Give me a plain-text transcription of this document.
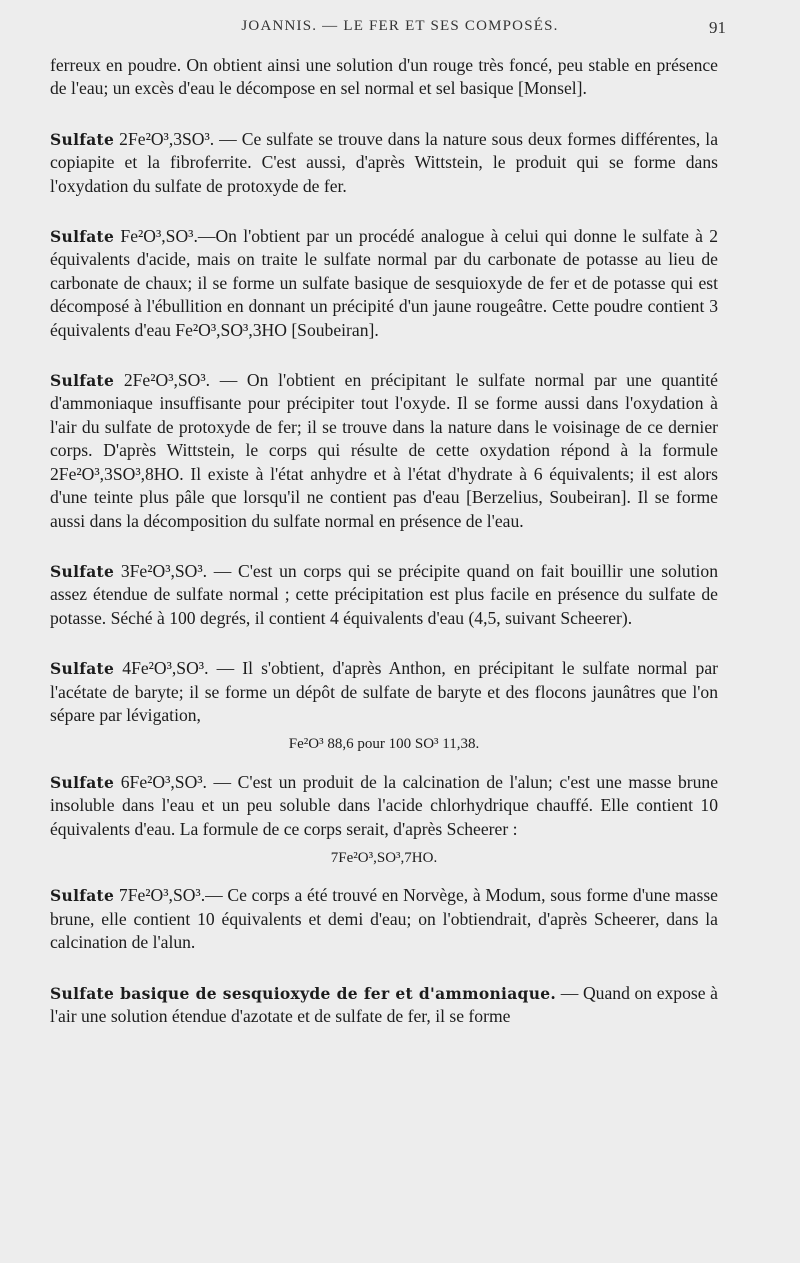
JOANNIS. — LE FER ET SES COMPOSÉS.	91

ferreux en poudre. On obtient ainsi une solution d'un rouge très foncé, peu stable en présence de l'eau; un excès d'eau le décompose en sel normal et sel basique [Monsel].

Sulfate 2Fe²O³,3SO³. — Ce sulfate se trouve dans la nature sous deux formes différentes, la copiapite et la fibroferrite. C'est aussi, d'après Wittstein, le produit qui se forme dans l'oxydation du sulfate de protoxyde de fer.

Sulfate Fe²O³,SO³.—On l'obtient par un procédé analogue à celui qui donne le sulfate à 2 équivalents d'acide, mais on traite le sulfate normal par du carbonate de potasse au lieu de carbonate de chaux; il se forme un sulfate basique de sesquioxyde de fer et de potasse qui est décomposé à l'ébullition en donnant un précipité d'un jaune rougeâtre. Cette poudre contient 3 équivalents d'eau Fe²O³,SO³,3HO [Soubeiran].

Sulfate 2Fe²O³,SO³. — On l'obtient en précipitant le sulfate normal par une quantité d'ammoniaque insuffisante pour précipiter tout l'oxyde. Il se forme aussi dans l'oxydation à l'air du sulfate de protoxyde de fer; il se trouve dans la nature dans le voisinage de ce dernier corps. D'après Wittstein, le corps qui résulte de cette oxydation répond à la formule 2Fe²O³,3SO³,8HO. Il existe à l'état anhydre et à l'état d'hydrate à 6 équivalents; il est alors d'une teinte plus pâle que lorsqu'il ne contient pas d'eau [Berzelius, Soubeiran]. Il se forme aussi dans la décomposition du sulfate normal en présence de l'eau.

Sulfate 3Fe²O³,SO³. — C'est un corps qui se précipite quand on fait bouillir une solution assez étendue de sulfate normal ; cette précipitation est plus facile en présence du sulfate de potasse. Séché à 100 degrés, il contient 4 équivalents d'eau (4,5, suivant Scheerer).

Sulfate 4Fe²O³,SO³. — Il s'obtient, d'après Anthon, en précipitant le sulfate normal par l'acétate de baryte; il se forme un dépôt de sulfate de baryte et des flocons jaunâtres que l'on sépare par lévigation,

Fe²O³ 88,6 pour 100 SO³ 11,38.

Sulfate 6Fe²O³,SO³. — C'est un produit de la calcination de l'alun; c'est une masse brune insoluble dans l'eau et un peu soluble dans l'acide chlorhydrique chauffé. Elle contient 10 équivalents d'eau. La formule de ce corps serait, d'après Scheerer :

7Fe²O³,SO³,7HO.

Sulfate 7Fe²O³,SO³.— Ce corps a été trouvé en Norvège, à Modum, sous forme d'une masse brune, elle contient 10 équivalents et demi d'eau; on l'obtiendrait, d'après Scheerer, dans la calcination de l'alun.

Sulfate basique de sesquioxyde de fer et d'ammoniaque. — Quand on expose à l'air une solution étendue d'azotate et de sulfate de fer, il se forme
